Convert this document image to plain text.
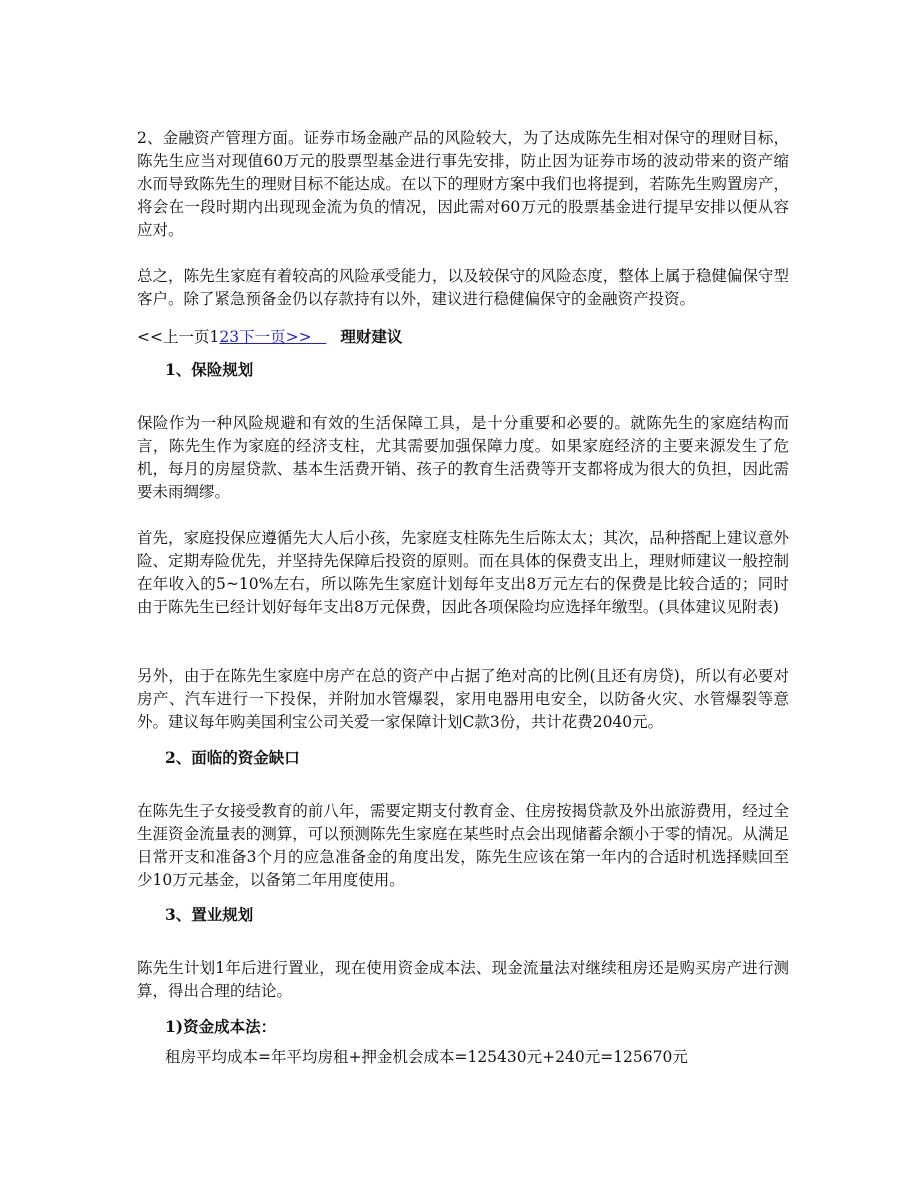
2、金融资产管理方面。证券市场金融产品的风险较大，为了达成陈先生相对保守的理财目标，陈先生应当对现值60万元的股票型基金进行事先安排，防止因为证券市场的波动带来的资产缩水而导致陈先生的理财目标不能达成。在以下的理财方案中我们也将提到，若陈先生购置房产，将会在一段时期内出现现金流为负的情况，因此需对60万元的股票基金进行提早安排以便从容应对。

总之，陈先生家庭有着较高的风险承受能力，以及较保守的风险态度，整体上属于稳健偏保守型客户。除了紧急预备金仍以存款持有以外，建议进行稳健偏保守的金融资产投资。

<<上一页123下一页>> 理财建议

1、保险规划

保险作为一种风险规避和有效的生活保障工具，是十分重要和必要的。就陈先生的家庭结构而言，陈先生作为家庭的经济支柱，尤其需要加强保障力度。如果家庭经济的主要来源发生了危机，每月的房屋贷款、基本生活费开销、孩子的教育生活费等开支都将成为很大的负担，因此需要未雨绸缪。

首先，家庭投保应遵循先大人后小孩，先家庭支柱陈先生后陈太太；其次，品种搭配上建议意外险、定期寿险优先，并坚持先保障后投资的原则。而在具体的保费支出上，理财师建议一般控制在年收入的5~10%左右，所以陈先生家庭计划每年支出8万元左右的保费是比较合适的；同时由于陈先生已经计划好每年支出8万元保费，因此各项保险均应选择年缴型。(具体建议见附表)

另外，由于在陈先生家庭中房产在总的资产中占据了绝对高的比例(且还有房贷)，所以有必要对房产、汽车进行一下投保，并附加水管爆裂，家用电器用电安全，以防备火灾、水管爆裂等意外。建议每年购美国利宝公司关爱一家保障计划C款3份，共计花费2040元。

2、面临的资金缺口

在陈先生子女接受教育的前八年，需要定期支付教育金、住房按揭贷款及外出旅游费用，经过全生涯资金流量表的测算，可以预测陈先生家庭在某些时点会出现储蓄余额小于零的情况。从满足日常开支和准备3个月的应急准备金的角度出发，陈先生应该在第一年内的合适时机选择赎回至少10万元基金，以备第二年用度使用。

3、置业规划

陈先生计划1年后进行置业，现在使用资金成本法、现金流量法对继续租房还是购买房产进行测算，得出合理的结论。

1)资金成本法：

租房平均成本=年平均房租+押金机会成本=125430元+240元=125670元
